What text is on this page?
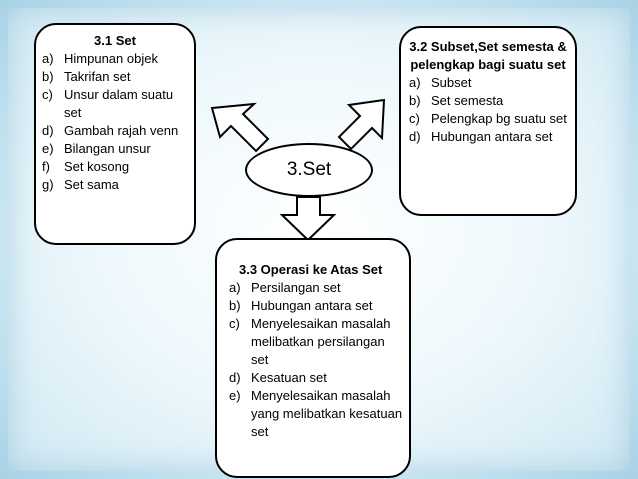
3.1 Set
a) Himpunan objek
b) Takrifan set
c) Unsur dalam suatu set
d) Gambah rajah venn
e) Bilangan unsur
f) Set kosong
g) Set sama
3.2 Subset,Set semesta & pelengkap bagi suatu set
a) Subset
b) Set semesta
c) Pelengkap bg suatu set
d) Hubungan antara set
3.3 Operasi ke Atas Set
a) Persilangan set
b) Hubungan antara set
c) Menyelesaikan masalah melibatkan persilangan set
d) Kesatuan set
e) Menyelesaikan masalah yang melibatkan kesatuan set
3.Set
